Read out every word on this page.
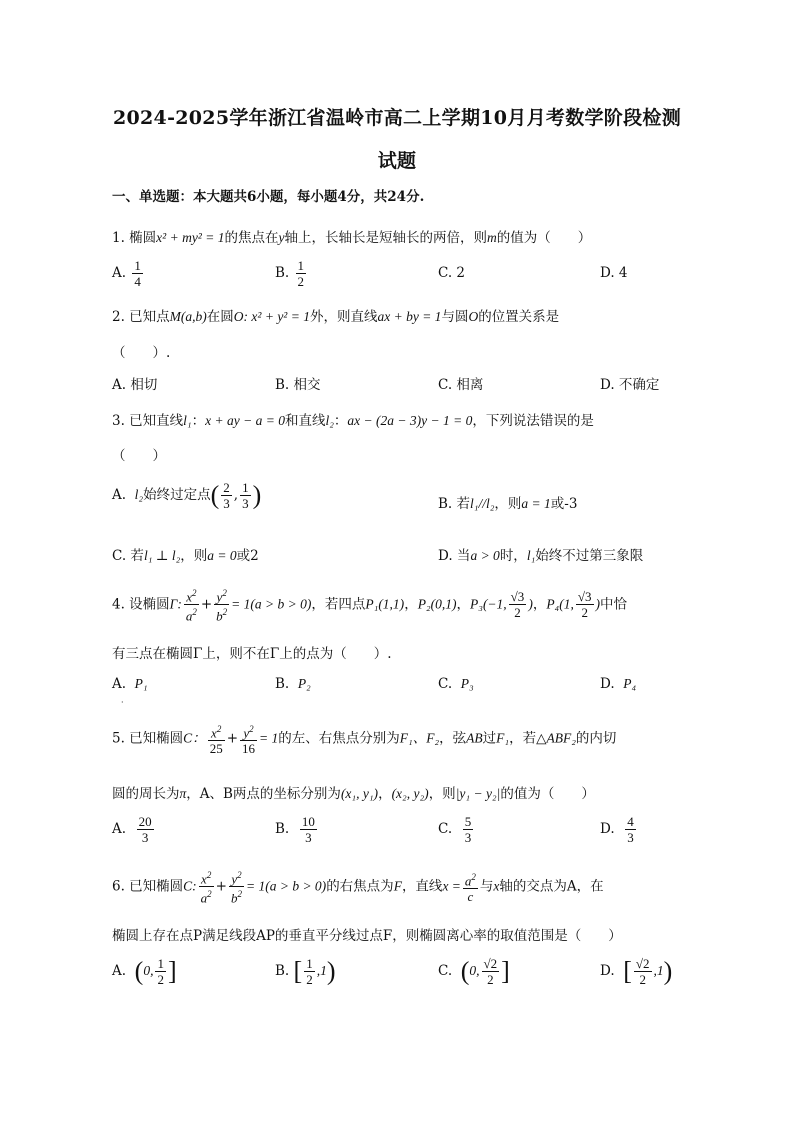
2024-2025学年浙江省温岭市高二上学期10月月考数学阶段检测
试题
一、单选题：本大题共6小题，每小题4分，共24分.
1. 椭圆x² + my² = 1的焦点在y轴上，长轴长是短轴长的两倍，则m的值为（　　）
A. $\frac{1}{4}$	B. $\frac{1}{2}$	C. 2	D. 4
2. 已知点M(a,b)在圆O: x² + y² = 1外，则直线ax + by = 1与圆O的位置关系是
（　　）.
A. 相切	B. 相交	C. 相离	D. 不确定
3. 已知直线l₁：x + ay − a = 0和直线l₂：ax − (2a − 3)y − 1 = 0，下列说法错误的是
（　　）
A. l₂始终过定点( $\frac{2}{3}$ , $\frac{1}{3}$ )	B. 若l₁//l₂，则a = 1或-3
C. 若l₁ ⊥ l₂，则a = 0或2	D. 当a > 0时，l₁始终不过第三象限
4. 设椭圆Γ: $\frac{x^2}{a^2} + \frac{y^2}{b^2} = 1(a > b > 0)$，若四点P₁(1,1)，P₂(0,1)，P₃(−1, $\frac{√3}{2}$ )，P₄(1, $\frac{√3}{2}$ )中恰
有三点在椭圆Γ上，则不在Γ上的点为（　　）.
A. P₁	B. P₂	C. P₃	D. P₄
·
5. 已知椭圆C： $\frac{x^2}{25} + \frac{y^2}{16} = 1$的左、右焦点分别为F₁、F₂，弦AB过F₁，若△ABF₂的内切
圆的周长为π，A、B两点的坐标分别为(x₁, y₁)，(x₂, y₂)，则|y₁ − y₂|的值为（　　）
A. $\frac{20}{3}$	B. $\frac{10}{3}$	C. $\frac{5}{3}$	D. $\frac{4}{3}$
6. 已知椭圆C: $\frac{x^2}{a^2} + \frac{y^2}{b^2} = 1(a > b > 0)$的右焦点为F，直线$x = \frac{a^2}{c}$ 与x轴的交点为A，在
椭圆上存在点P满足线段AP的垂直平分线过点F，则椭圆离心率的取值范围是（　　）
A. (0, $\frac{1}{2}$ ]	B. [ $\frac{1}{2} ,1$)	C. (0, $\frac{√2}{2}$ ]	D. [ $\frac{√2}{2} ,1$)
